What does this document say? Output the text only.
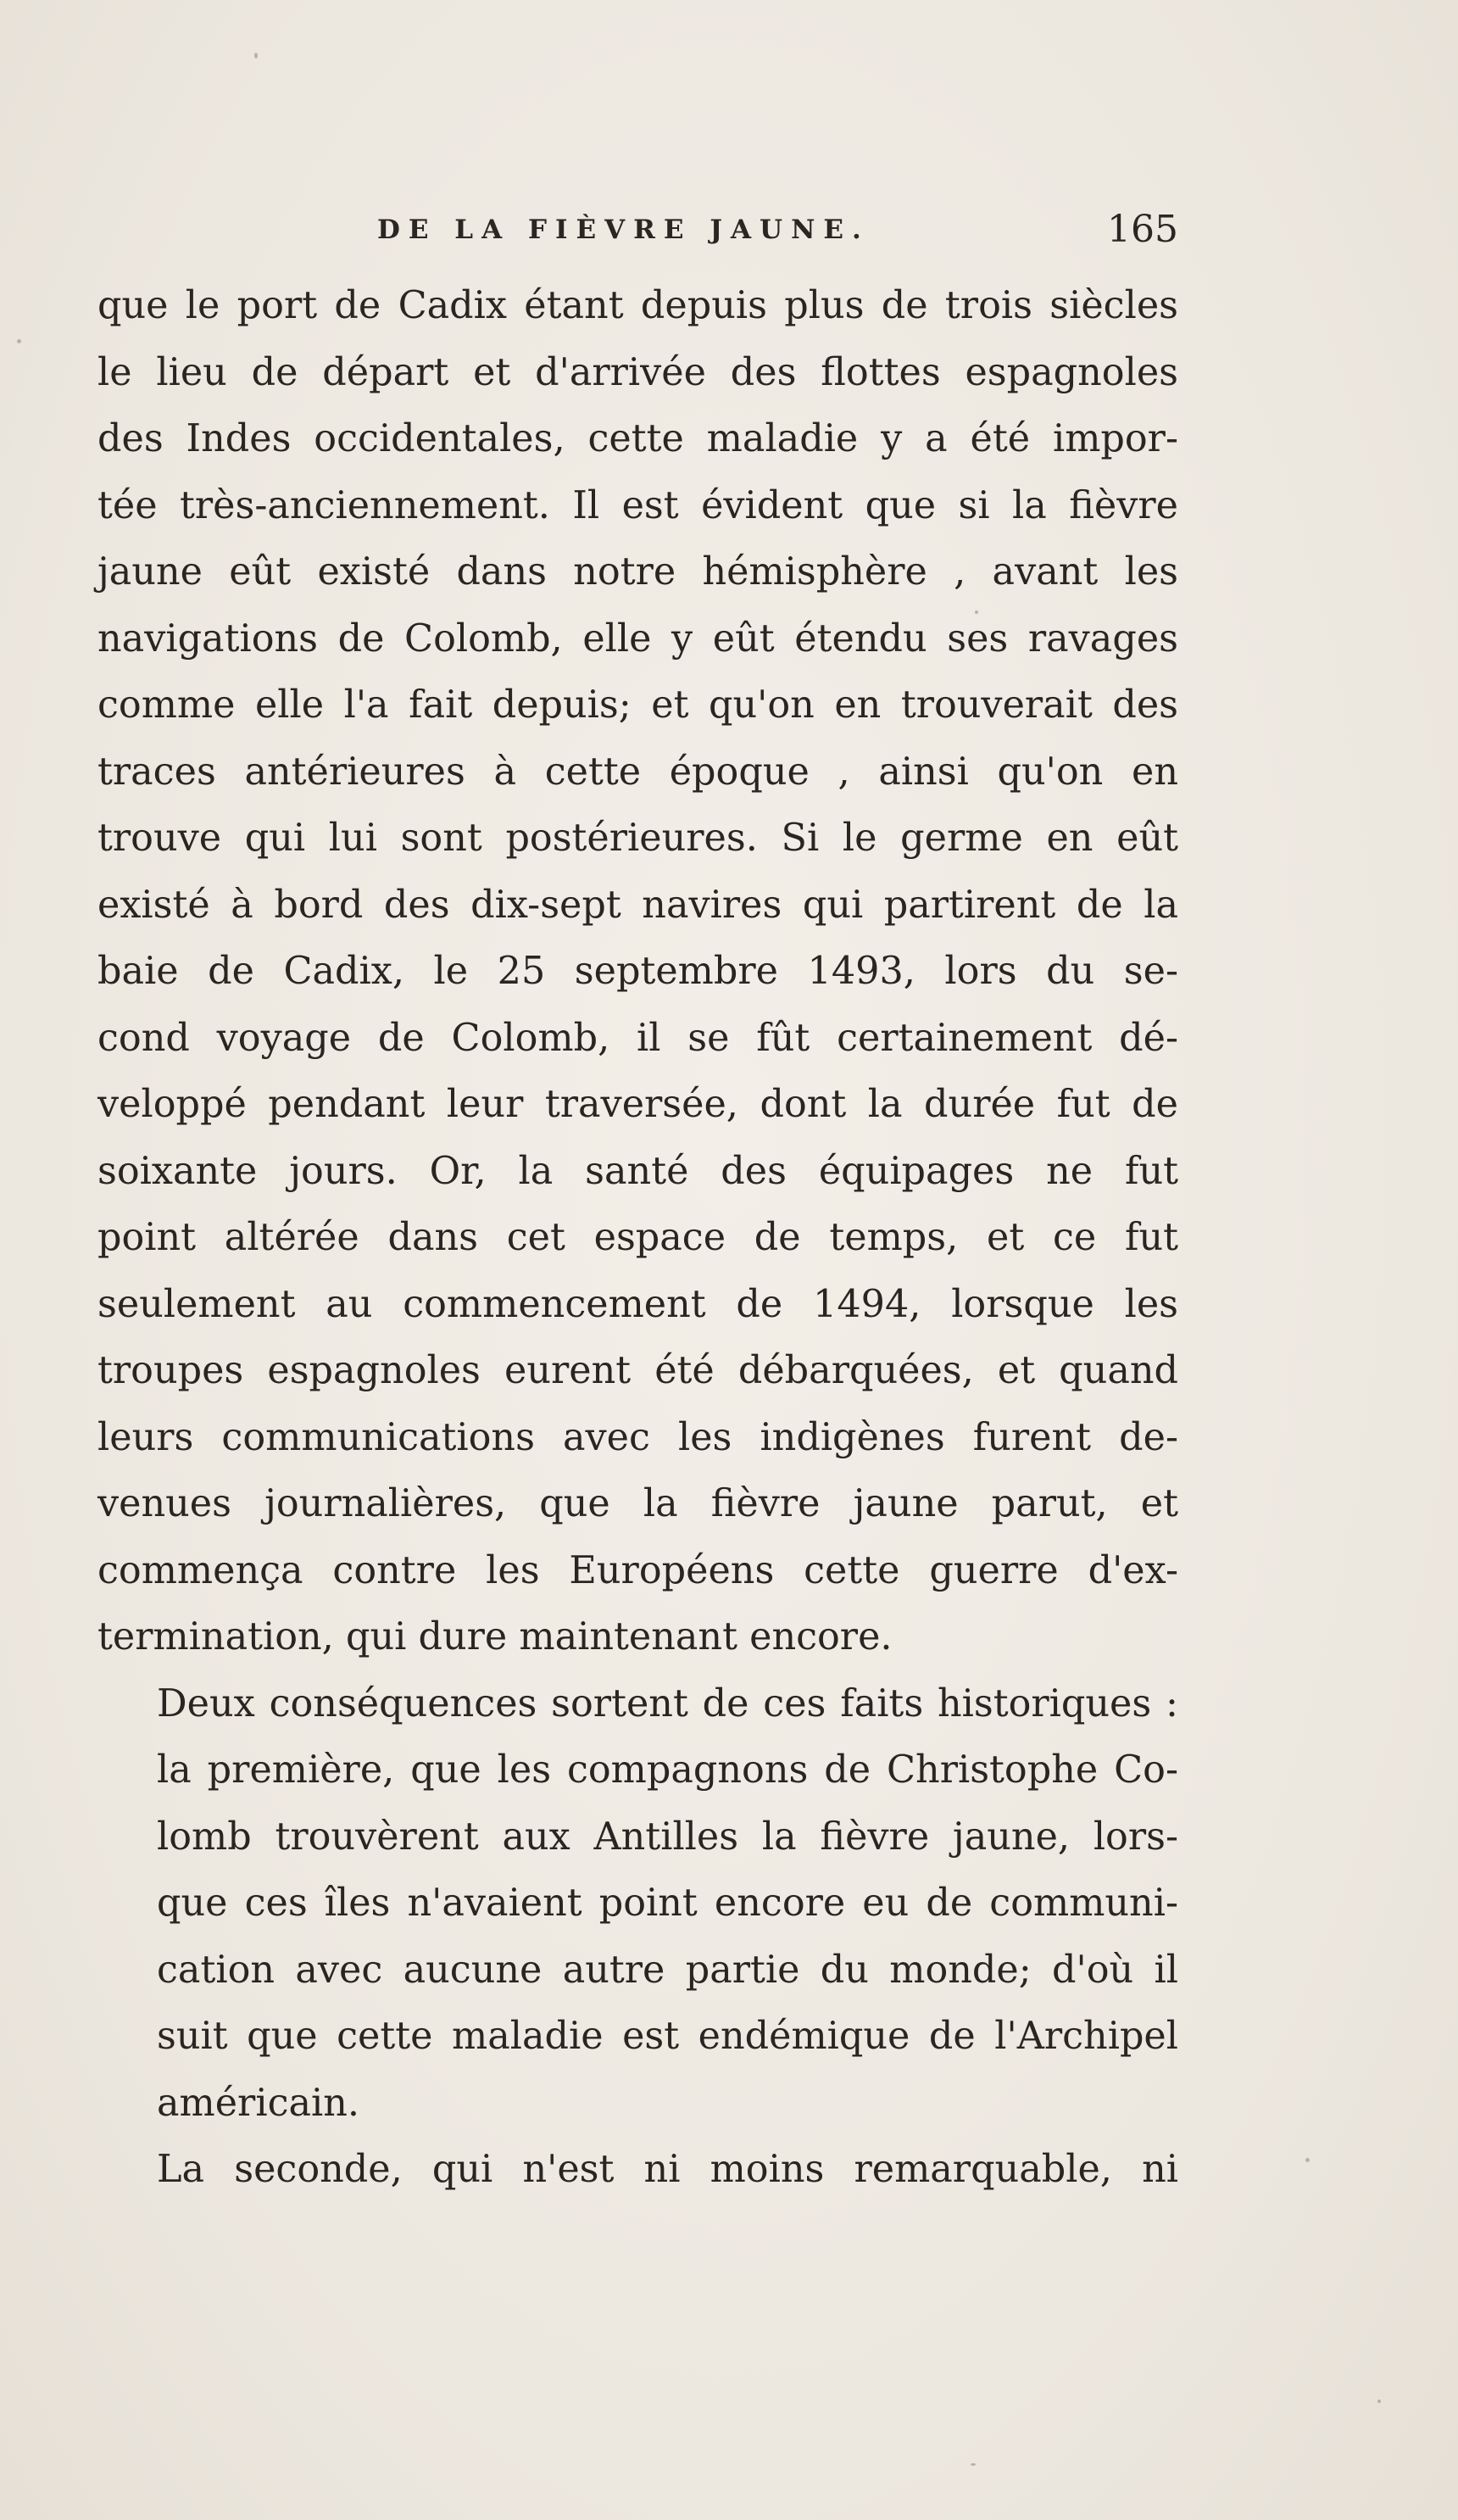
DE LA FIÈVRE JAUNE.	165
que le port de Cadix étant depuis plus de trois siècles
le lieu de départ et d'arrivée des flottes espagnoles
des Indes occidentales, cette maladie y a été impor-
tée très-anciennement. Il est évident que si la fièvre
jaune eût existé dans notre hémisphère , avant les
navigations de Colomb, elle y eût étendu ses ravages
comme elle l'a fait depuis; et qu'on en trouverait des
traces antérieures à cette époque , ainsi qu'on en
trouve qui lui sont postérieures. Si le germe en eût
existé à bord des dix-sept navires qui partirent de la
baie de Cadix, le 25 septembre 1493, lors du se-
cond voyage de Colomb, il se fût certainement dé-
veloppé pendant leur traversée, dont la durée fut de
soixante jours. Or, la santé des équipages ne fut
point altérée dans cet espace de temps, et ce fut
seulement au commencement de 1494, lorsque les
troupes espagnoles eurent été débarquées, et quand
leurs communications avec les indigènes furent de-
venues journalières, que la fièvre jaune parut, et
commença contre les Européens cette guerre d'ex-
termination, qui dure maintenant encore.
Deux conséquences sortent de ces faits historiques :
la première, que les compagnons de Christophe Co-
lomb trouvèrent aux Antilles la fièvre jaune, lors-
que ces îles n'avaient point encore eu de communi-
cation avec aucune autre partie du monde; d'où il
suit que cette maladie est endémique de l'Archipel
américain.
La seconde, qui n'est ni moins remarquable, ni
